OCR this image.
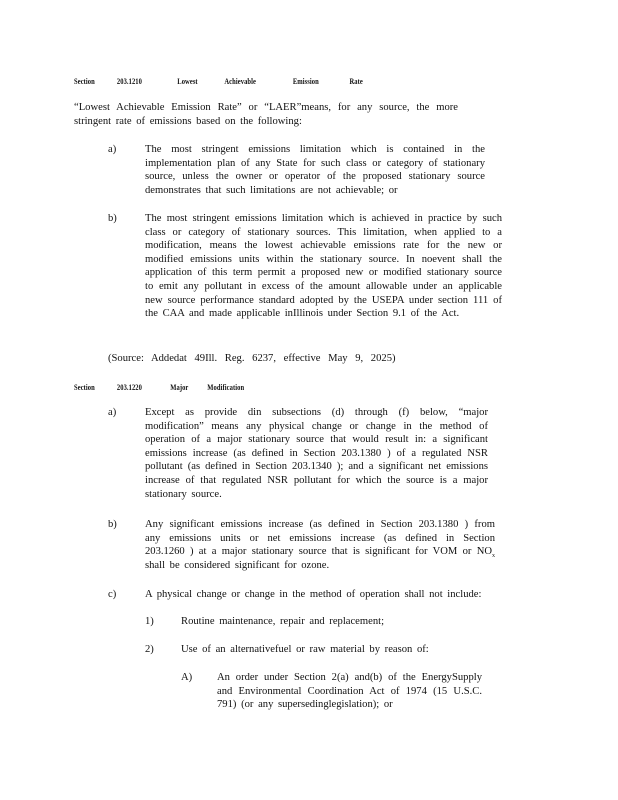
Section	203.1210	Lowest	Achievable	Emission	Rate
“Lowest Achievable Emission Rate” or “LAER”means, for any source, the more
stringent rate of emissions based on the following:
a)	The most stringent emissions limitation which is contained in the implementation plan of any State for such class or category of stationary source, unless the owner or operator of the proposed stationary source demonstrates that such limitations are not achievable; or
b)	The most stringent emissions limitation which is achieved in practice by such class or category of stationary sources. This limitation, when applied to a modification, means the lowest achievable emissions rate for the new or modified emissions units within the stationary source. In noevent shall the application of this term permit a proposed new or modified stationary source to emit any pollutant in excess of the amount allowable under an applicable new source performance standard adopted by the USEPA under section 111 of the CAA and made applicable inIllinois under Section 9.1 of the Act.
(Source: Addedat 49Ill. Reg. 6237, effective May 9, 2025)
Section	203.1220	Major Modification
a)	Except as provide din subsections (d) through (f) below, “major modification” means any physical change or change in the method of operation of a major stationary source that would result in: a significant emissions increase (as defined in Section 203.1380 ) of a regulated NSR pollutant (as defined in Section 203.1340 ); and a significant net emissions increase of that regulated NSR pollutant for which the source is a major stationary source.
b)	Any significant emissions increase (as defined in Section 203.1380 ) from any emissions units or net emissions increase (as defined in Section 203.1260 ) at a major stationary source that is significant for VOM or $NO_x$ shall be considered significant for ozone.
c)	A physical change or change in the method of operation shall not include:
1)	Routine maintenance, repair and replacement;
2)	Use of an alternativefuel or raw material by reason of:
A) An order under Section 2(a) and(b) of the EnergySupply and Environmental Coordination Act of 1974 (15 U.S.C. 791) (or any supersedinglegislation); or
